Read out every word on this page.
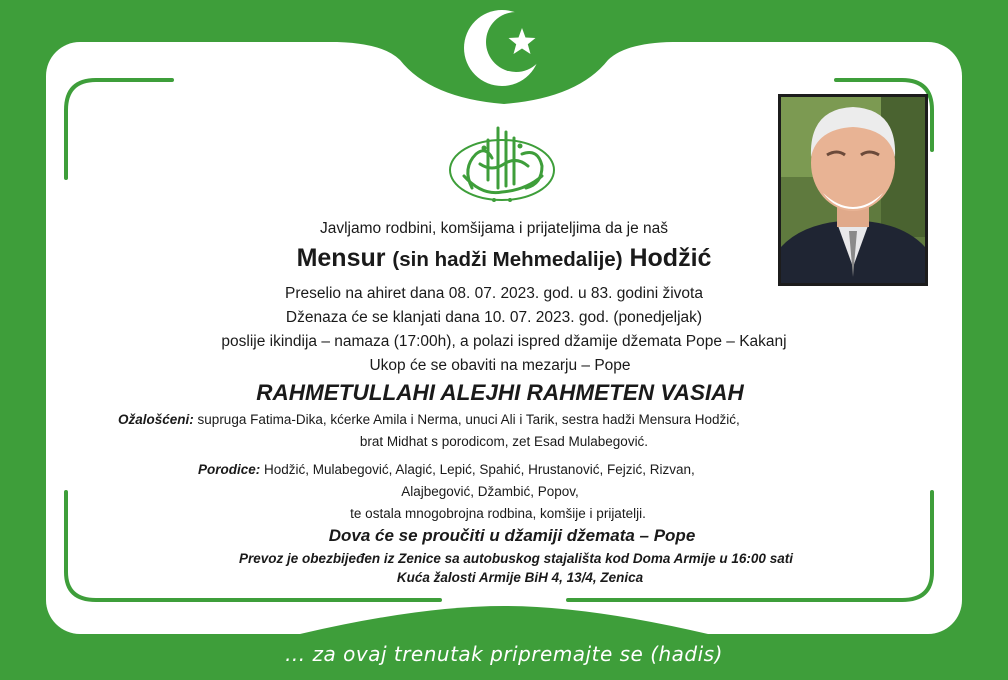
Javljamo rodbini, komšijama i prijateljima da je naš
Mensur (sin hadži Mehmedalije) Hodžić
Preselio na ahiret dana 08. 07. 2023. god. u 83. godini života
Dženaza će se klanjati dana 10. 07. 2023. god. (ponedjeljak)
poslije ikindija – namaza (17:00h), a polazi ispred džamije džemata Pope – Kakanj
Ukop će se obaviti na mezarju – Pope
RAHMETULLAHI ALEJHI RAHMETEN VASIAH
Ožalošćeni: supruga Fatima-Dika, kćerke Amila i Nerma, unuci Ali i Tarik, sestra hadži Mensura Hodžić,
brat Midhat s porodicom, zet Esad Mulabegović.
Porodice: Hodžić, Mulabegović, Alagić, Lepić, Spahić, Hrustanović, Fejzić, Rizvan,
Alajbegović, Džambić, Popov,
te ostala mnogobrojna rodbina, komšije i prijatelji.
Dova će se proučiti u džamiji džemata – Pope
Prevoz je obezbijeđen iz Zenice sa autobuskog stajališta kod Doma Armije u 16:00 sati
Kuća žalosti Armije BiH 4, 13/4, Zenica
... za ovaj trenutak pripremajte se (hadis)
